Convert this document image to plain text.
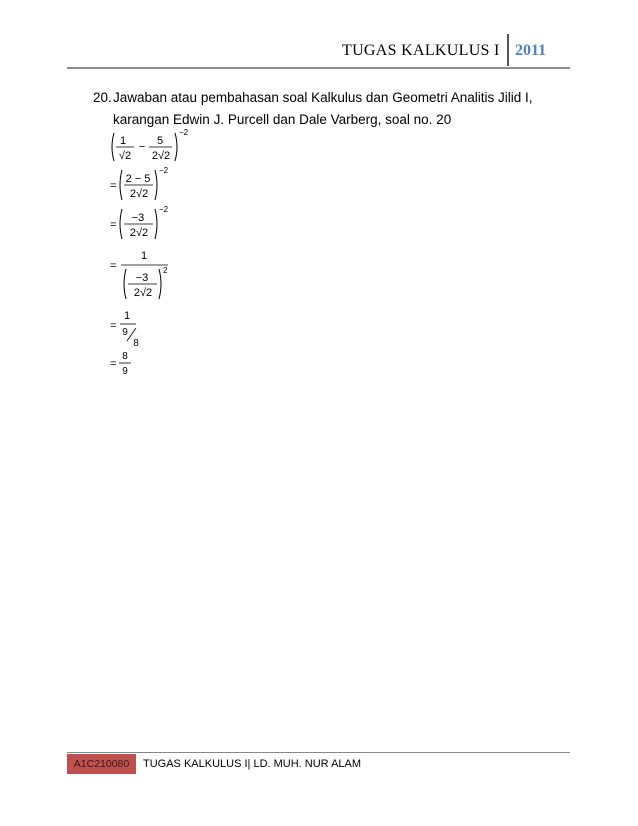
TUGAS KALKULUS I 2011
20.Jawaban atau pembahasan soal Kalkulus dan Geometri Analitis Jilid I,
karangan Edwin J. Purcell dan Dale Varberg, soal no. 20
1
√2
− 5
2√2
−2
=
2 − 5
2√2
−2
=
−3
2√2
−2
=
1
−3
2√2
2
=
1
9
8
=
8
9
A1C210080	TUGAS KALKULUS I| LD. MUH. NUR ALAM
